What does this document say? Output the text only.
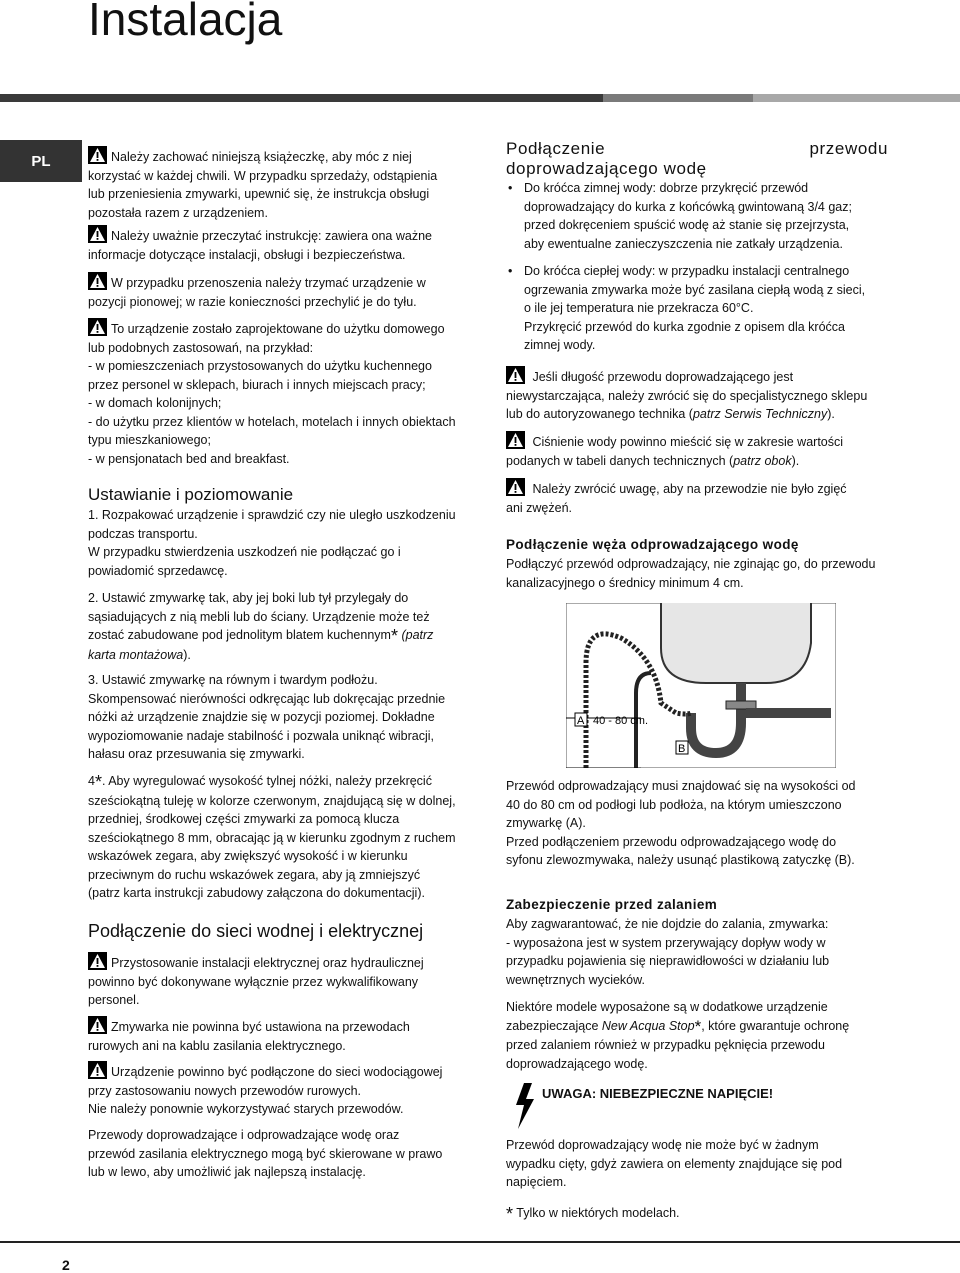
Instalacja
PL	Należy zachować niniejszą książeczkę, aby móc z niej
korzystać w każdej chwili. W przypadku sprzedaży, odstąpienia
lub przeniesienia zmywarki, upewnić się, że instrukcja obsługi
pozostała razem z urządzeniem.

Należy uważnie przeczytać instrukcję: zawiera ona ważne
informacje dotyczące instalacji, obsługi i bezpieczeństwa.

W przypadku przenoszenia należy trzymać urządzenie w
pozycji pionowej; w razie konieczności przechylić je do tyłu.

To urządzenie zostało zaprojektowane do użytku domowego
lub podobnych zastosowań, na przykład:
- w pomieszczeniach przystosowanych do użytku kuchennego
przez personel w sklepach, biurach i innych miejscach pracy;
- w domach kolonijnych;
- do użytku przez klientów w hotelach, motelach i innych obiektach
typu mieszkaniowego;
- w pensjonatach bed and breakfast.

Ustawianie i poziomowanie

1. Rozpakować urządzenie i sprawdzić czy nie uległo uszkodzeniu
podczas transportu.
W przypadku stwierdzenia uszkodzeń nie podłączać go i
powiadomić sprzedawcę.

2. Ustawić zmywarkę tak, aby jej boki lub tył przylegały do
sąsiadujących z nią mebli lub do ściany. Urządzenie może też
zostać zabudowane pod jednolitym blatem kuchennym* (patrz
karta montażowa).

3. Ustawić zmywarkę na równym i twardym podłożu.
Skompensować nierówności odkręcając lub dokręcając przednie
nóżki aż urządzenie znajdzie się w pozycji poziomej. Dokładne
wypoziomowanie nadaje stabilność i pozwala uniknąć wibracji,
hałasu oraz przesuwania się zmywarki.

4*. Aby wyregulować wysokość tylnej nóżki, należy przekręcić
sześciokątną tuleję w kolorze czerwonym, znajdującą się w dolnej,
przedniej, środkowej części zmywarki za pomocą klucza
sześciokątnego 8 mm, obracając ją w kierunku zgodnym z ruchem
wskazówek zegara, aby zwiększyć wysokość i w kierunku
przeciwnym do ruchu wskazówek zegara, aby ją zmniejszyć
(patrz karta instrukcji zabudowy załączona do dokumentacji).

Podłączenie do sieci wodnej i elektrycznej

Przystosowanie instalacji elektrycznej oraz hydraulicznej
powinno być dokonywane wyłącznie przez wykwalifikowany
personel.

Zmywarka nie powinna być ustawiona na przewodach
rurowych ani na kablu zasilania elektrycznego.

Urządzenie powinno być podłączone do sieci wodociągowej
przy zastosowaniu nowych przewodów rurowych.
Nie należy ponownie wykorzystywać starych przewodów.

Przewody doprowadzające i odprowadzające wodę oraz
przewód zasilania elektrycznego mogą być skierowane w prawo
lub w lewo, aby umożliwić jak najlepszą instalację.

Podłączenie	przewodu
doprowadzającego wodę
• Do króćca zimnej wody: dobrze przykręcić przewód
doprowadzający do kurka z końcówką gwintowaną 3/4 gaz;
przed dokręceniem spuścić wodę aż stanie się przejrzysta,
aby ewentualne zanieczyszczenia nie zatkały urządzenia.
• Do króćca ciepłej wody: w przypadku instalacji centralnego
ogrzewania zmywarka może być zasilana ciepłą wodą z sieci,
o ile jej temperatura nie przekracza 60°C.
Przykręcić przewód do kurka zgodnie z opisem dla króćca
zimnej wody.

Jeśli długość przewodu doprowadzającego jest
niewystarczająca, należy zwrócić się do specjalistycznego sklepu
lub do autoryzowanego technika (patrz Serwis Techniczny).

Ciśnienie wody powinno mieścić się w zakresie wartości
podanych w tabeli danych technicznych (patrz obok).

Należy zwrócić uwagę, aby na przewodzie nie było zgięć
ani zwężeń.

Podłączenie węża odprowadzającego wodę

Podłączyć przewód odprowadzający, nie zginając go, do przewodu
kanalizacyjnego o średnicy minimum 4 cm.

A 40 - 80 cm.
B

Przewód odprowadzający musi znajdować się na wysokości od
40 do 80 cm od podłogi lub podłoża, na którym umieszczono
zmywarkę (A).
Przed podłączeniem przewodu odprowadzającego wodę do
syfonu zlewozmywaka, należy usunąć plastikową zatyczkę (B).

Zabezpieczenie przed zalaniem

Aby zagwarantować, że nie dojdzie do zalania, zmywarka:
- wyposażona jest w system przerywający dopływ wody w
przypadku pojawienia się nieprawidłowości w działaniu lub
wewnętrznych wycieków.

Niektóre modele wyposażone są w dodatkowe urządzenie
zabezpieczające New Acqua Stop*, które gwarantuje ochronę
przed zalaniem również w przypadku pęknięcia przewodu
doprowadzającego wodę.

UWAGA: NIEBEZPIECZNE NAPIĘCIE!

Przewód doprowadzający wodę nie może być w żadnym
wypadku cięty, gdyż zawiera on elementy znajdujące się pod
napięciem.

* Tylko w niektórych modelach.

2
